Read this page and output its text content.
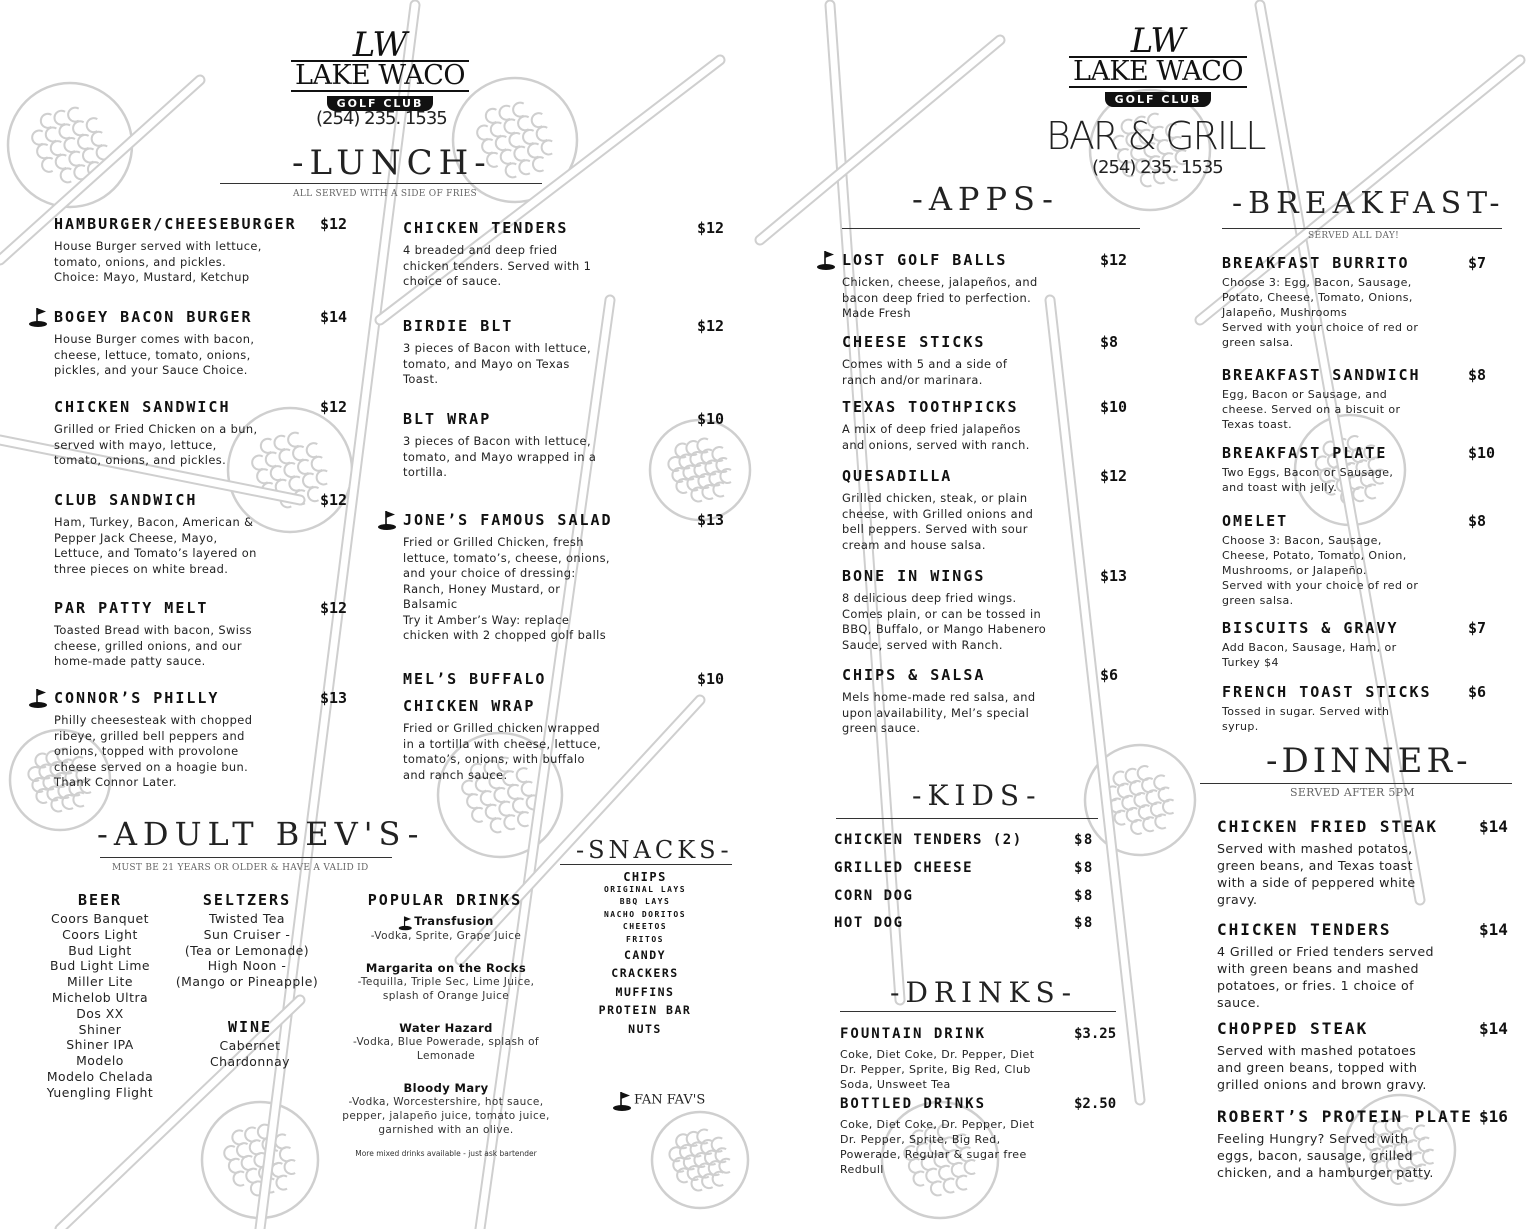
LW
LAKE WACO
GOLF CLUB
(254) 235. 1535
-LUNCH-
ALL SERVED WITH A SIDE OF FRIES
-ADULT BEV'S-
MUST BE 21 YEARS OR OLDER & HAVE A VALID ID
BEER
Coors Banquet
Coors Light
Bud Light
Bud Light Lime
Miller Lite
Michelob Ultra
Dos XX
Shiner
Shiner IPA
Modelo
Modelo Chelada
Yuengling Flight
SELTZERS
Twisted Tea
Sun Cruiser -
(Tea or Lemonade)
High Noon -
(Mango or Pineapple)
WINE
Cabernet
Chardonnay
POPULAR DRINKS
More mixed drinks available - just ask bartender
-SNACKS-
CHIPS
ORIGINAL LAYS
BBQ LAYS
NACHO DORITOS
CHEETOS
FRITOS
CANDY
CRACKERS
MUFFINS
PROTEIN BAR
NUTS
FAN FAV'S
LW
LAKE WACO
GOLF CLUB
BAR & GRILL
(254) 235. 1535
-APPS-
-KIDS-
-DRINKS-
-BREAKFAST-
SERVED ALL DAY!
-DINNER-
SERVED AFTER 5PM
HAMBURGER/CHEESEBURGER $12
House Burger served with lettuce,
tomato, onions, and pickles.
Choice: Mayo, Mustard, Ketchup
BOGEY BACON BURGER	$14
House Burger comes with bacon,
cheese, lettuce, tomato, onions,
pickles, and your Sauce Choice.
CHICKEN SANDWICH	$12
Grilled or Fried Chicken on a bun,
served with mayo, lettuce,
tomato, onions, and pickles.
CLUB SANDWICH	$12
Ham, Turkey, Bacon, American &
Pepper Jack Cheese, Mayo,
Lettuce, and Tomato’s layered on
three pieces on white bread.
PAR PATTY MELT	$12
Toasted Bread with bacon, Swiss
cheese, grilled onions, and our
home-made patty sauce.
CONNOR’S PHILLY	$13
Philly cheesesteak with chopped
ribeye, grilled bell peppers and
onions, topped with provolone
cheese served on a hoagie bun.
Thank Connor Later.
CHICKEN TENDERS	$12
4 breaded and deep fried
chicken tenders. Served with 1
choice of sauce.
BIRDIE BLT	$12
3 pieces of Bacon with lettuce,
tomato, and Mayo on Texas
Toast.
BLT WRAP	$10
3 pieces of Bacon with lettuce,
tomato, and Mayo wrapped in a
tortilla.
JONE’S FAMOUS SALAD	$13
Fried or Grilled Chicken, fresh
lettuce, tomato’s, cheese, onions,
and your choice of dressing:
Ranch, Honey Mustard, or
Balsamic
Try it Amber’s Way: replace
chicken with 2 chopped golf balls
MEL’S BUFFALO	$10
CHICKEN WRAP
Fried or Grilled chicken wrapped
in a tortilla with cheese, lettuce,
tomato’s, onions, with buffalo
and ranch sauce.
Transfusion
-Vodka, Sprite, Grape Juice
Margarita on the Rocks
-Tequilla, Triple Sec, Lime Juice,
splash of Orange Juice
Water Hazard
-Vodka, Blue Powerade, splash of
Lemonade
Bloody Mary
-Vodka, Worcestershire, hot sauce,
pepper, jalapeño juice, tomato juice,
garnished with an olive.
LOST GOLF BALLS	$12
Chicken, cheese, jalapeños, and
bacon deep fried to perfection.
Made Fresh
CHEESE STICKS	$8
Comes with 5 and a side of
ranch and/or marinara.
TEXAS TOOTHPICKS	$10
A mix of deep fried jalapeños
and onions, served with ranch.
QUESADILLA	$12
Grilled chicken, steak, or plain
cheese, with Grilled onions and
bell peppers. Served with sour
cream and house salsa.
BONE IN WINGS	$13
8 delicious deep fried wings.
Comes plain, or can be tossed in
BBQ, Buffalo, or Mango Habenero
Sauce, served with Ranch.
CHIPS & SALSA	$6
Mels home-made red salsa, and
upon availability, Mel’s special
green sauce.
CHICKEN TENDERS (2)	$8
GRILLED CHEESE	$8
CORN DOG	$8
HOT DOG	$8
FOUNTAIN DRINK	$3.25
Coke, Diet Coke, Dr. Pepper, Diet
Dr. Pepper, Sprite, Big Red, Club
Soda, Unsweet Tea
BOTTLED DRINKS	$2.50
Coke, Diet Coke, Dr. Pepper, Diet
Dr. Pepper, Sprite, Big Red,
Powerade, Regular & sugar free
Redbull
BREAKFAST BURRITO	$7
Choose 3: Egg, Bacon, Sausage,
Potato, Cheese, Tomato, Onions,
Jalapeño, Mushrooms
Served with your choice of red or
green salsa.
BREAKFAST SANDWICH	$8
Egg, Bacon or Sausage, and
cheese. Served on a biscuit or
Texas toast.
BREAKFAST PLATE	$10
Two Eggs, Bacon or Sausage,
and toast with jelly.
OMELET	$8
Choose 3: Bacon, Sausage,
Cheese, Potato, Tomato, Onion,
Mushrooms, or Jalapeño.
Served with your choice of red or
green salsa.
BISCUITS & GRAVY	$7
Add Bacon, Sausage, Ham, or
Turkey $4
FRENCH TOAST STICKS $6
Tossed in sugar. Served with
syrup.
CHICKEN FRIED STEAK	$14
Served with mashed potatos,
green beans, and Texas toast
with a side of peppered white
gravy.
CHICKEN TENDERS	$14
4 Grilled or Fried tenders served
with green beans and mashed
potatoes, or fries. 1 choice of
sauce.
CHOPPED STEAK	$14
Served with mashed potatoes
and green beans, topped with
grilled onions and brown gravy.
ROBERT’S PROTEIN PLATE $16
Feeling Hungry? Served with
eggs, bacon, sausage, grilled
chicken, and a hamburger patty.
